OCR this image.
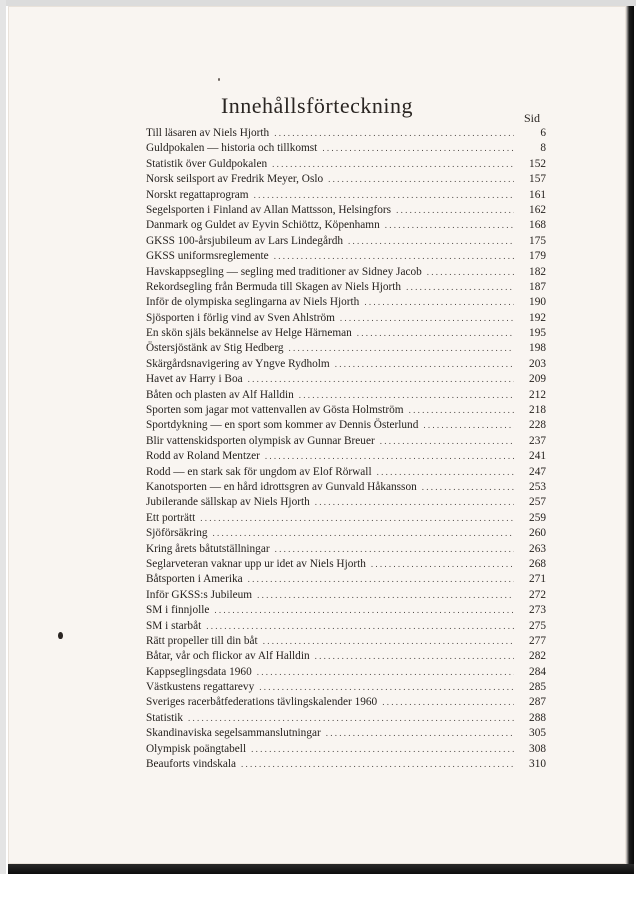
Innehållsförteckning
Sid
Till läsaren av Niels Hjorth . . .	6
Guldpokalen — historia och tillkomst . . .	8
Statistik över Guldpokalen . . .	152
Norsk seilsport av Fredrik Meyer, Oslo . . .	157
Norskt regattaprogram . . .	161
Segelsporten i Finland av Allan Mattsson, Helsingfors . . .	162
Danmark og Guldet av Eyvin Schiöttz, Köpenhamn . . .	168
GKSS 100-årsjubileum av Lars Lindegårdh . . .	175
GKSS uniformsreglemente . . .	179
Havskappsegling — segling med traditioner av Sidney Jacob . . .	182
Rekordsegling från Bermuda till Skagen av Niels Hjorth . . .	187
Inför de olympiska seglingarna av Niels Hjorth . . .	190
Sjösporten i förlig vind av Sven Ahlström . . .	192
En skön själs bekännelse av Helge Härneman . . .	195
Östersjöstänk av Stig Hedberg . . .	198
Skärgårdsnavigering av Yngve Rydholm . . .	203
Havet av Harry i Boa . . .	209
Båten och plasten av Alf Halldin . . .	212
Sporten som jagar mot vattenvallen av Gösta Holmström . . .	218
Sportdykning — en sport som kommer av Dennis Österlund . . .	228
Blir vattenskidsporten olympisk av Gunnar Breuer . . .	237
Rodd av Roland Mentzer . . .	241
Rodd — en stark sak för ungdom av Elof Rörwall . . .	247
Kanotsporten — en hård idrottsgren av Gunvald Håkansson . . .	253
Jubilerande sällskap av Niels Hjorth . . .	257
Ett porträtt . . .	259
Sjöförsäkring . . .	260
Kring årets båtutställningar . . .	263
Seglarveteran vaknar upp ur idet av Niels Hjorth . . .	268
Båtsporten i Amerika . . .	271
Inför GKSS:s Jubileum . . .	272
SM i finnjolle . . .	273
SM i starbåt . . .	275
Rätt propeller till din båt . . .	277
Båtar, vår och flickor av Alf Halldin . . .	282
Kappseglingsdata 1960 . . .	284
Västkustens regattarevy . . .	285
Sveriges racerbåtfederations tävlingskalender 1960 . . .	287
Statistik . . .	288
Skandinaviska segelsammanslutningar . . .	305
Olympisk poängtabell . . .	308
Beauforts vindskala . . .	310
